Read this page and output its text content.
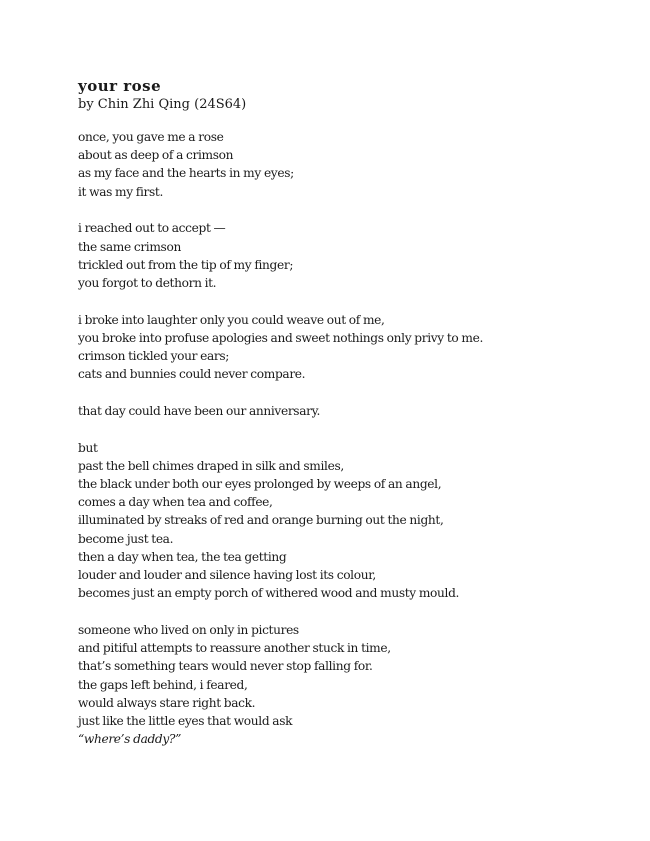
your rose
by Chin Zhi Qing (24S64)
once, you gave me a rose
about as deep of a crimson
as my face and the hearts in my eyes;
it was my first.
i reached out to accept —
the same crimson
trickled out from the tip of my finger;
you forgot to dethorn it.
i broke into laughter only you could weave out of me,
you broke into profuse apologies and sweet nothings only privy to me.
crimson tickled your ears;
cats and bunnies could never compare.
that day could have been our anniversary.
but
past the bell chimes draped in silk and smiles,
the black under both our eyes prolonged by weeps of an angel,
comes a day when tea and coffee,
illuminated by streaks of red and orange burning out the night,
become just tea.
then a day when tea, the tea getting
louder and louder and silence having lost its colour,
becomes just an empty porch of withered wood and musty mould.
someone who lived on only in pictures
and pitiful attempts to reassure another stuck in time,
that’s something tears would never stop falling for.
the gaps left behind, i feared,
would always stare right back.
just like the little eyes that would ask
“where’s daddy?”
